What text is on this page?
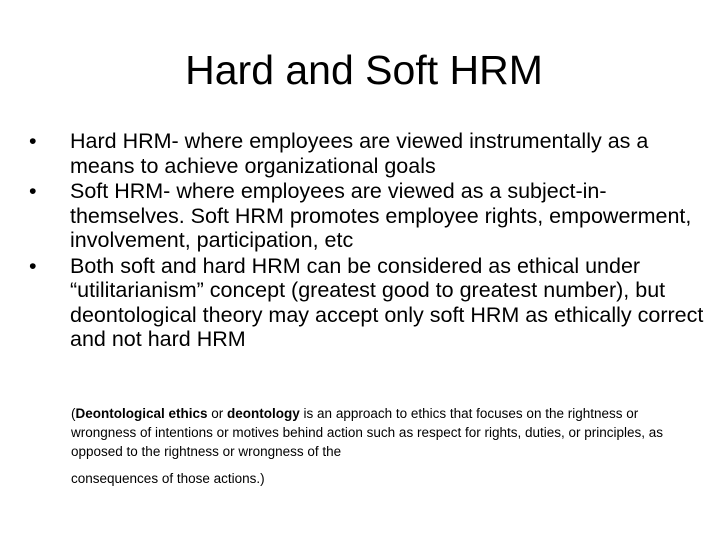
Hard and Soft HRM
•	Hard HRM- where employees are viewed instrumentally as a means to achieve organizational goals
•	Soft HRM- where employees are viewed as a subject-in-themselves. Soft HRM promotes employee rights, empowerment, involvement, participation, etc
•	Both soft and hard HRM can be considered as ethical under “utilitarianism” concept (greatest good to greatest number), but deontological theory may accept only soft HRM as ethically correct and not hard HRM
(Deontological ethics or deontology is an approach to ethics that focuses on the rightness or wrongness of intentions or motives behind action such as respect for rights, duties, or principles, as opposed to the rightness or wrongness of the
consequences of those actions.)
